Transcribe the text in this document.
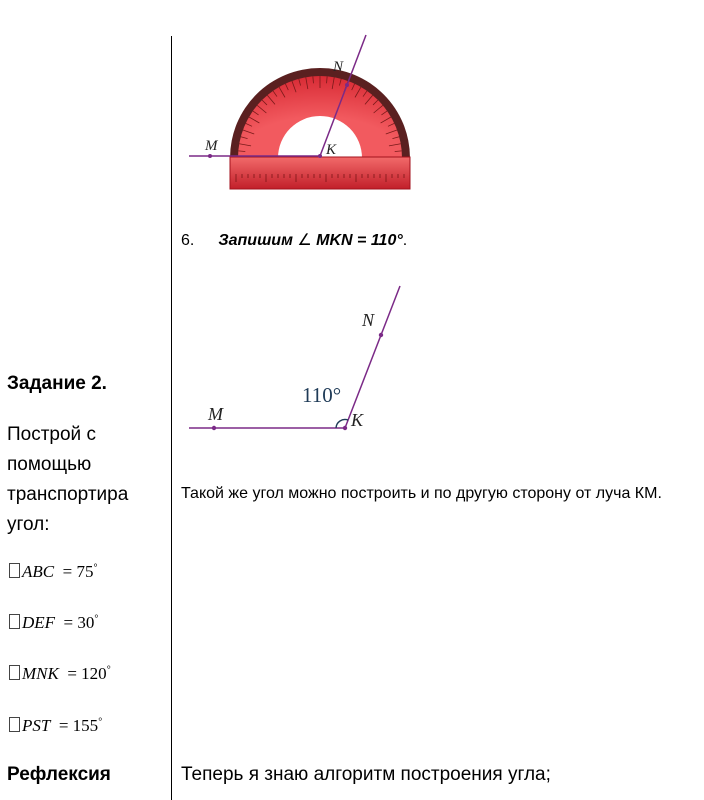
Задание 2.
Построй с помощью транспортира угол:
ABC = 75°
DEF = 30°
MNK = 120°
PST = 155°
Рефлексия
M	K
N
6. Запишим ∠ MKN = 110°.
M	K
N
110°
Такой же угол можно построить и по другую сторону от луча КМ.
Теперь я знаю алгоритм построения угла;
